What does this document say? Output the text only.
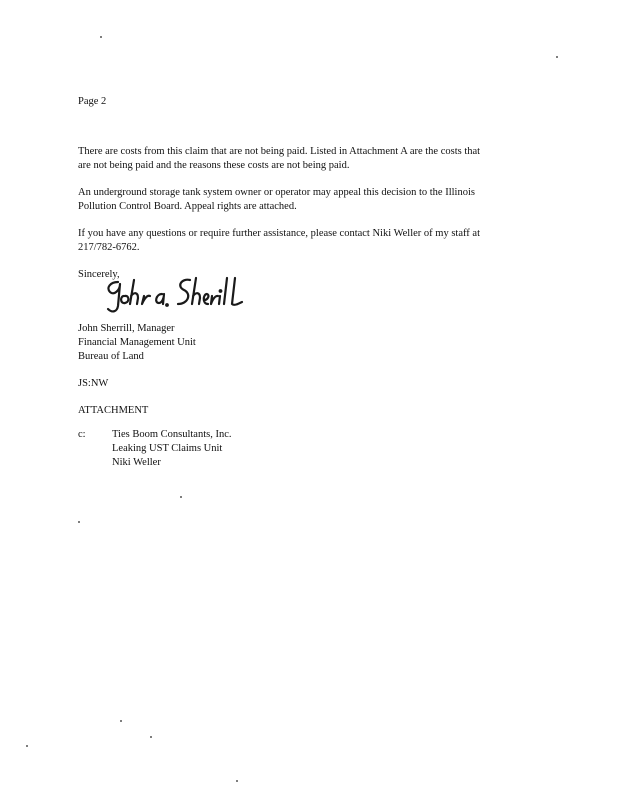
Page 2
There are costs from this claim that are not being paid. Listed in Attachment A are the costs that
are not being paid and the reasons these costs are not being paid.
An underground storage tank system owner or operator may appeal this decision to the Illinois
Pollution Control Board. Appeal rights are attached.
If you have any questions or require further assistance, please contact Niki Weller of my staff at
217/782-6762.
Sincerely,
John Sherrill, Manager
Financial Management Unit
Bureau of Land
JS:NW
ATTACHMENT
c:	Ties Boom Consultants, Inc.
Leaking UST Claims Unit
Niki Weller
